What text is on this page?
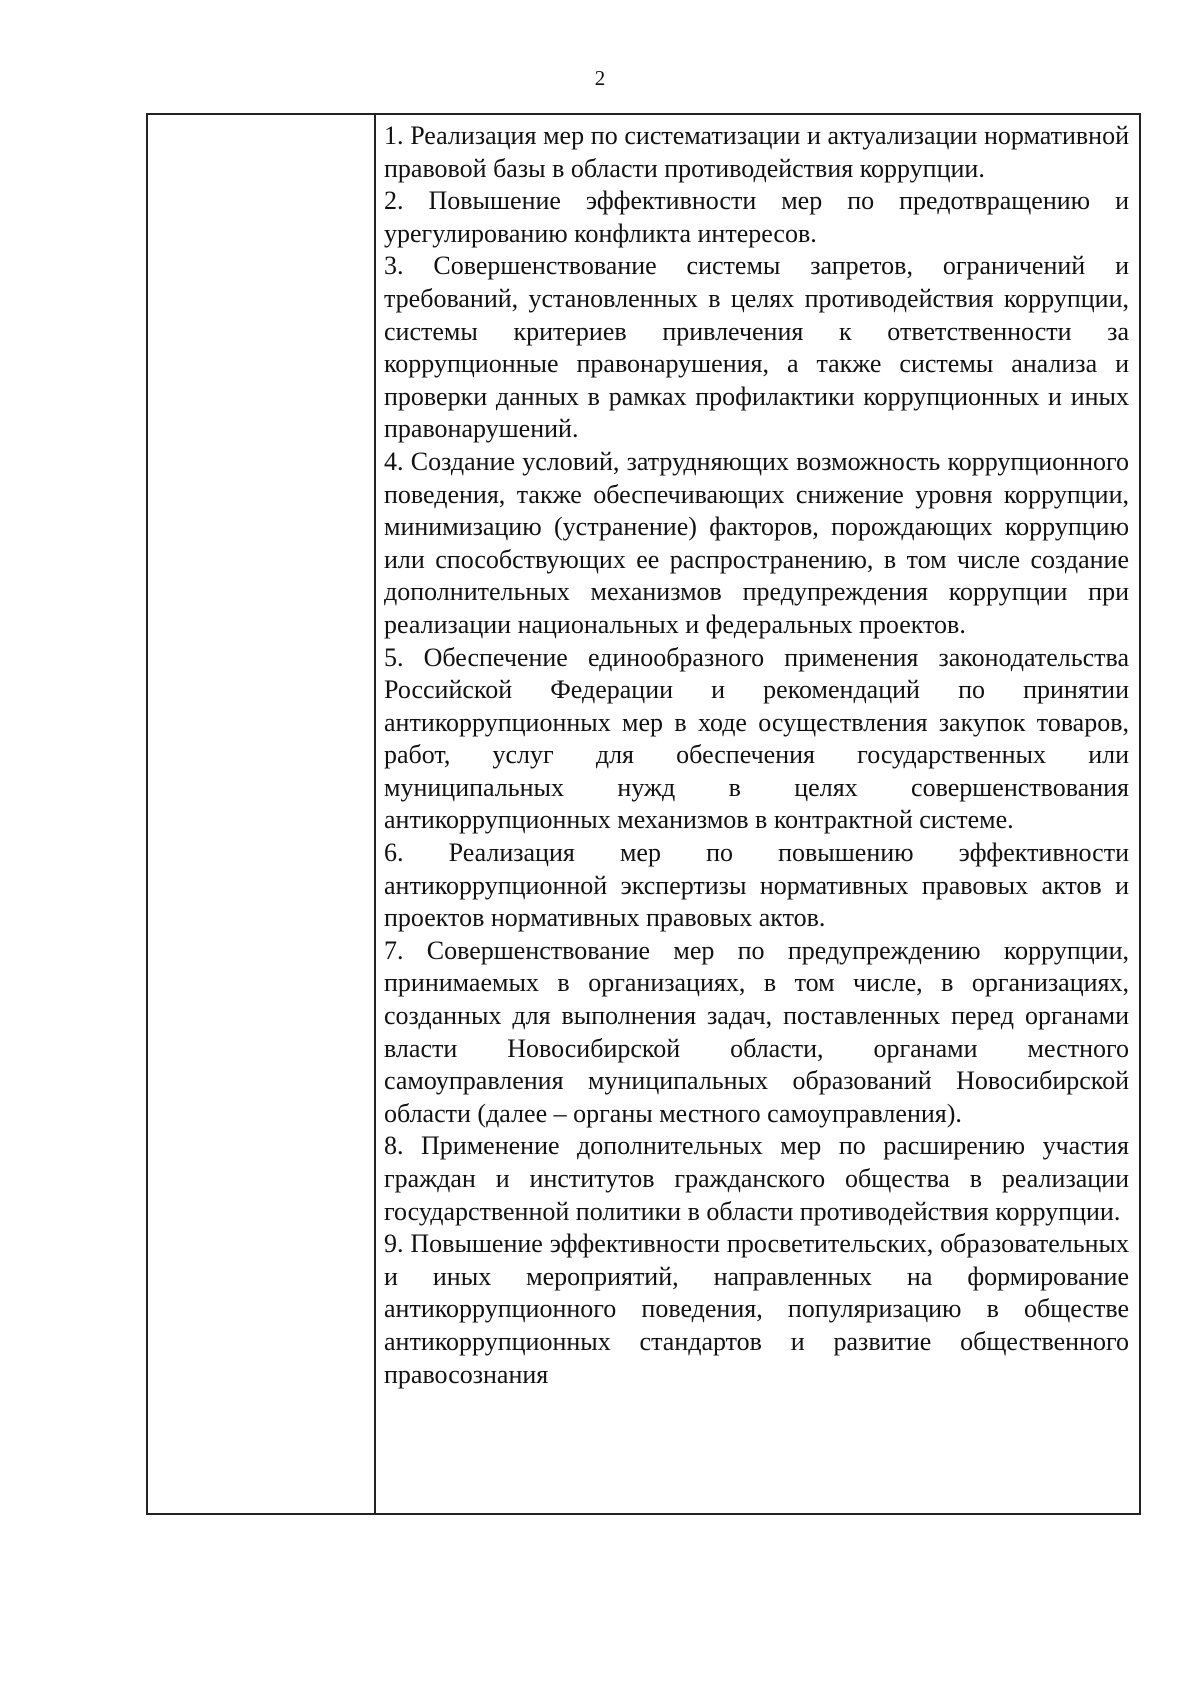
2

1. Реализация мер по систематизации и актуализации нормативной правовой базы в области противодействия коррупции.

2. Повышение эффективности мер по предотвращению и урегулированию конфликта интересов.

3. Совершенствование системы запретов, ограничений и требований, установленных в целях противодействия коррупции, системы критериев привлечения к ответственности за коррупционные правонарушения, а также системы анализа и проверки данных в рамках профилактики коррупционных и иных правонарушений.

4. Создание условий, затрудняющих возможность коррупционного поведения, также обеспечивающих снижение уровня коррупции, минимизацию (устранение) факторов, порождающих коррупцию или способствующих ее распространению, в том числе создание дополнительных механизмов предупреждения коррупции при реализации национальных и федеральных проектов.

5. Обеспечение единообразного применения законодательства Российской Федерации и рекомендаций по принятии антикоррупционных мер в ходе осуществления закупок товаров, работ, услуг для обеспечения государственных или муниципальных нужд в целях совершенствования антикоррупционных механизмов в контрактной системе.

6. Реализация мер по повышению эффективности антикоррупционной экспертизы нормативных правовых актов и проектов нормативных правовых актов.

7. Совершенствование мер по предупреждению коррупции, принимаемых в организациях, в том числе, в организациях, созданных для выполнения задач, поставленных перед органами власти Новосибирской области, органами местного самоуправления муниципальных образований Новосибирской области (далее – органы местного самоуправления).

8. Применение дополнительных мер по расширению участия граждан и институтов гражданского общества в реализации государственной политики в области противодействия коррупции.

9. Повышение эффективности просветительских, образовательных и иных мероприятий, направленных на формирование антикоррупционного поведения, популяризацию в обществе антикоррупционных стандартов и развитие общественного правосознания
